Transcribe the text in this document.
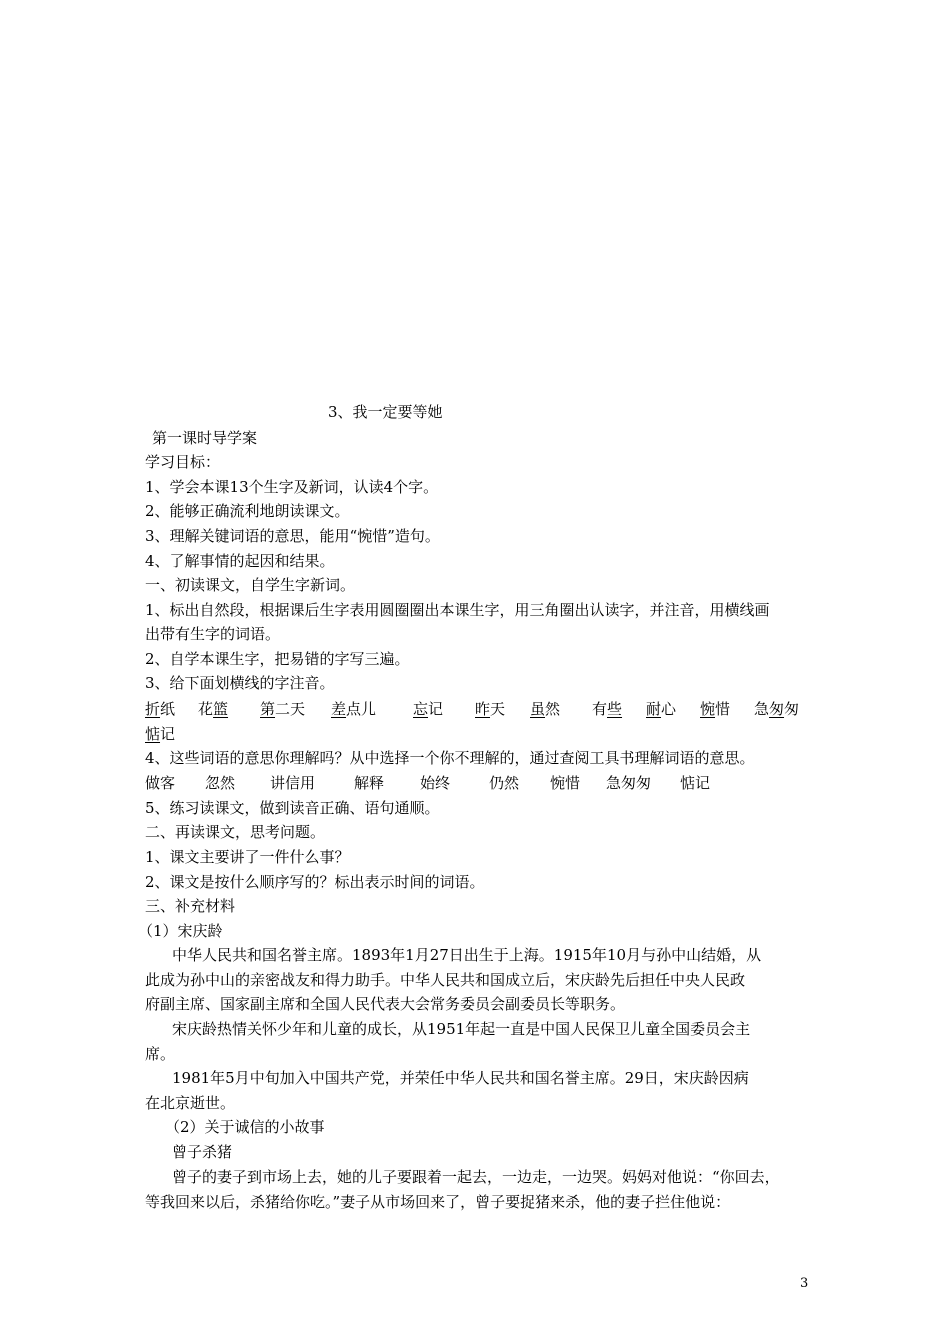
3、我一定要等她
第一课时导学案
学习目标：
1、学会本课13个生字及新词，认读4个字。
2、能够正确流利地朗读课文。
3、理解关键词语的意思，能用“惋惜”造句。
4、了解事情的起因和结果。
一、初读课文，自学生字新词。
1、标出自然段，根据课后生字表用圆圈圈出本课生字，用三角圈出认读字，并注音，用横线画
出带有生字的词语。
2、自学本课生字，把易错的字写三遍。
3、给下面划横线的字注音。
折纸 花篮 第二天 差点儿 忘记 昨天 虽然 有些 耐心 惋惜 急匆匆
惦记
4、这些词语的意思你理解吗？从中选择一个你不理解的，通过查阅工具书理解词语的意思。
做客 忽然 讲信用	解释 始终	仍然 惋惜 急匆匆 惦记
5、练习读课文，做到读音正确、语句通顺。
二、再读课文，思考问题。
1、课文主要讲了一件什么事？
2、课文是按什么顺序写的？标出表示时间的词语。
三、补充材料
（1）宋庆龄
中华人民共和国名誉主席。1893年1月27日出生于上海。1915年10月与孙中山结婚，从
此成为孙中山的亲密战友和得力助手。中华人民共和国成立后，宋庆龄先后担任中央人民政
府副主席、国家副主席和全国人民代表大会常务委员会副委员长等职务。
宋庆龄热情关怀少年和儿童的成长，从1951年起一直是中国人民保卫儿童全国委员会主
席。
1981年5月中旬加入中国共产党，并荣任中华人民共和国名誉主席。29日，宋庆龄因病
在北京逝世。
（2）关于诚信的小故事
曾子杀猪
曾子的妻子到市场上去，她的儿子要跟着一起去，一边走，一边哭。妈妈对他说：“你回去，
等我回来以后，杀猪给你吃。”妻子从市场回来了，曾子要捉猪来杀，他的妻子拦住他说：
3
